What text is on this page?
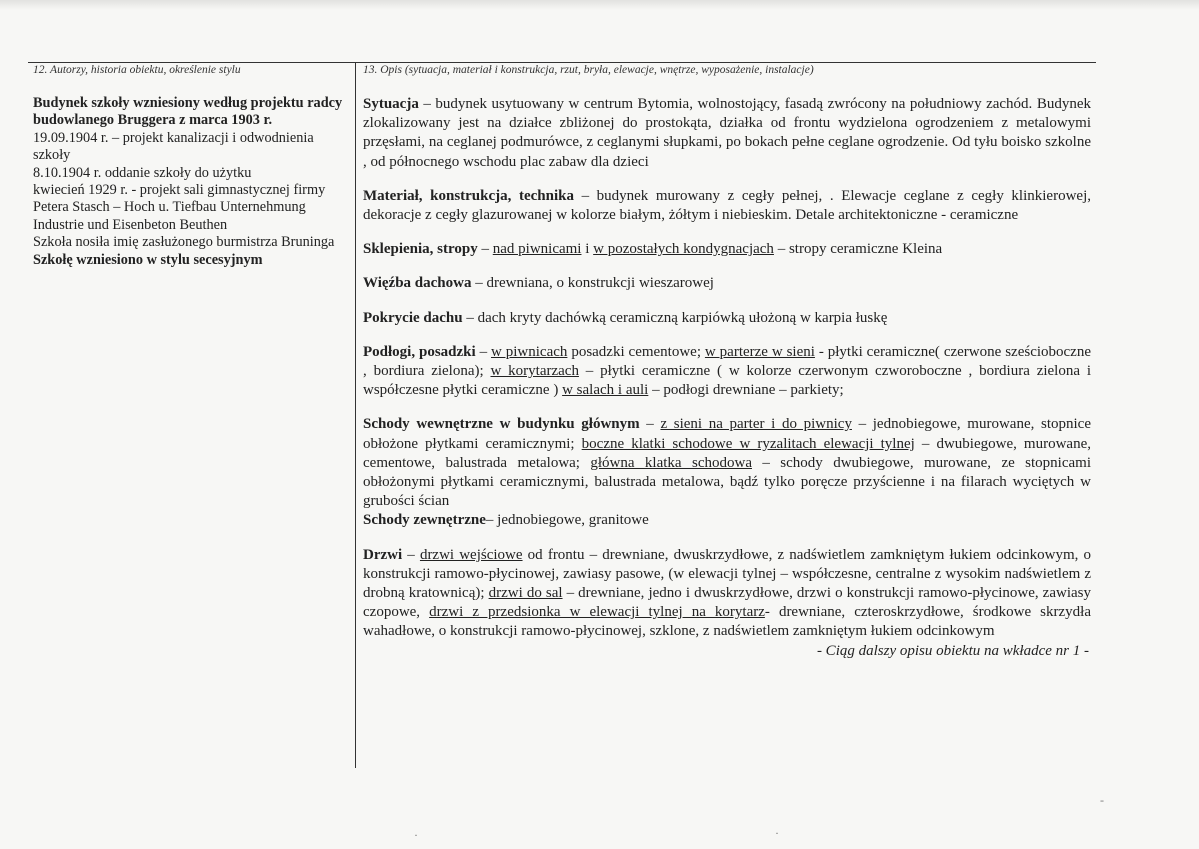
12. Autorzy, historia obiektu, określenie stylu	13. Opis (sytuacja, materiał i konstrukcja, rzut, bryła, elewacje, wnętrze, wyposażenie, instalacje)

Budynek szkoły wzniesiony według projektu radcy budowlanego Bruggera z marca 1903 r.

19.09.1904 r. – projekt kanalizacji i odwodnienia szkoły

8.10.1904 r. oddanie szkoły do użytku

kwiecień 1929 r. - projekt sali gimnastycznej firmy Petera Stasch – Hoch u. Tiefbau Unternehmung Industrie und Eisenbeton Beuthen

Szkoła nosiła imię zasłużonego burmistrza Bruninga

Szkołę wzniesiono w stylu secesyjnym

Sytuacja – budynek usytuowany w centrum Bytomia, wolnostojący, fasadą zwrócony na południowy zachód. Budynek zlokalizowany jest na działce zbliżonej do prostokąta, działka od frontu wydzielona ogrodzeniem z metalowymi przęsłami, na ceglanej podmurówce, z ceglanymi słupkami, po bokach pełne ceglane ogrodzenie. Od tyłu boisko szkolne , od północnego wschodu plac zabaw dla dzieci

Materiał, konstrukcja, technika – budynek murowany z cegły pełnej, . Elewacje ceglane z cegły klinkierowej, dekoracje z cegły glazurowanej w kolorze białym, żółtym i niebieskim. Detale architektoniczne - ceramiczne

Sklepienia, stropy – nad piwnicami i w pozostałych kondygnacjach – stropy ceramiczne Kleina

Więźba dachowa – drewniana, o konstrukcji wieszarowej

Pokrycie dachu – dach kryty dachówką ceramiczną karpiówką ułożoną w karpia łuskę

Podłogi, posadzki – w piwnicach posadzki cementowe; w parterze w sieni - płytki ceramiczne( czerwone sześcioboczne , bordiura zielona); w korytarzach – płytki ceramiczne ( w kolorze czerwonym czworoboczne , bordiura zielona i współczesne płytki ceramiczne ) w salach i auli – podłogi drewniane – parkiety;

Schody wewnętrzne w budynku głównym – z sieni na parter i do piwnicy – jednobiegowe, murowane, stopnice obłożone płytkami ceramicznymi; boczne klatki schodowe w ryzalitach elewacji tylnej – dwubiegowe, murowane, cementowe, balustrada metalowa; główna klatka schodowa – schody dwubiegowe, murowane, ze stopnicami obłożonymi płytkami ceramicznymi, balustrada metalowa, bądź tylko poręcze przyścienne i na filarach wyciętych w grubości ścian

Schody zewnętrzne– jednobiegowe, granitowe

Drzwi – drzwi wejściowe od frontu – drewniane, dwuskrzydłowe, z nadświetlem zamkniętym łukiem odcinkowym, o konstrukcji ramowo-płycinowej, zawiasy pasowe, (w elewacji tylnej – współczesne, centralne z wysokim nadświetlem z drobną kratownicą); drzwi do sal – drewniane, jedno i dwuskrzydłowe, drzwi o konstrukcji ramowo-płycinowe, zawiasy czopowe, drzwi z przedsionka w elewacji tylnej na korytarz- drewniane, czteroskrzydłowe, środkowe skrzydła wahadłowe, o konstrukcji ramowo-płycinowej, szklone, z nadświetlem zamkniętym łukiem odcinkowym

- Ciąg dalszy opisu obiektu na wkładce nr 1 -

·	·
-
